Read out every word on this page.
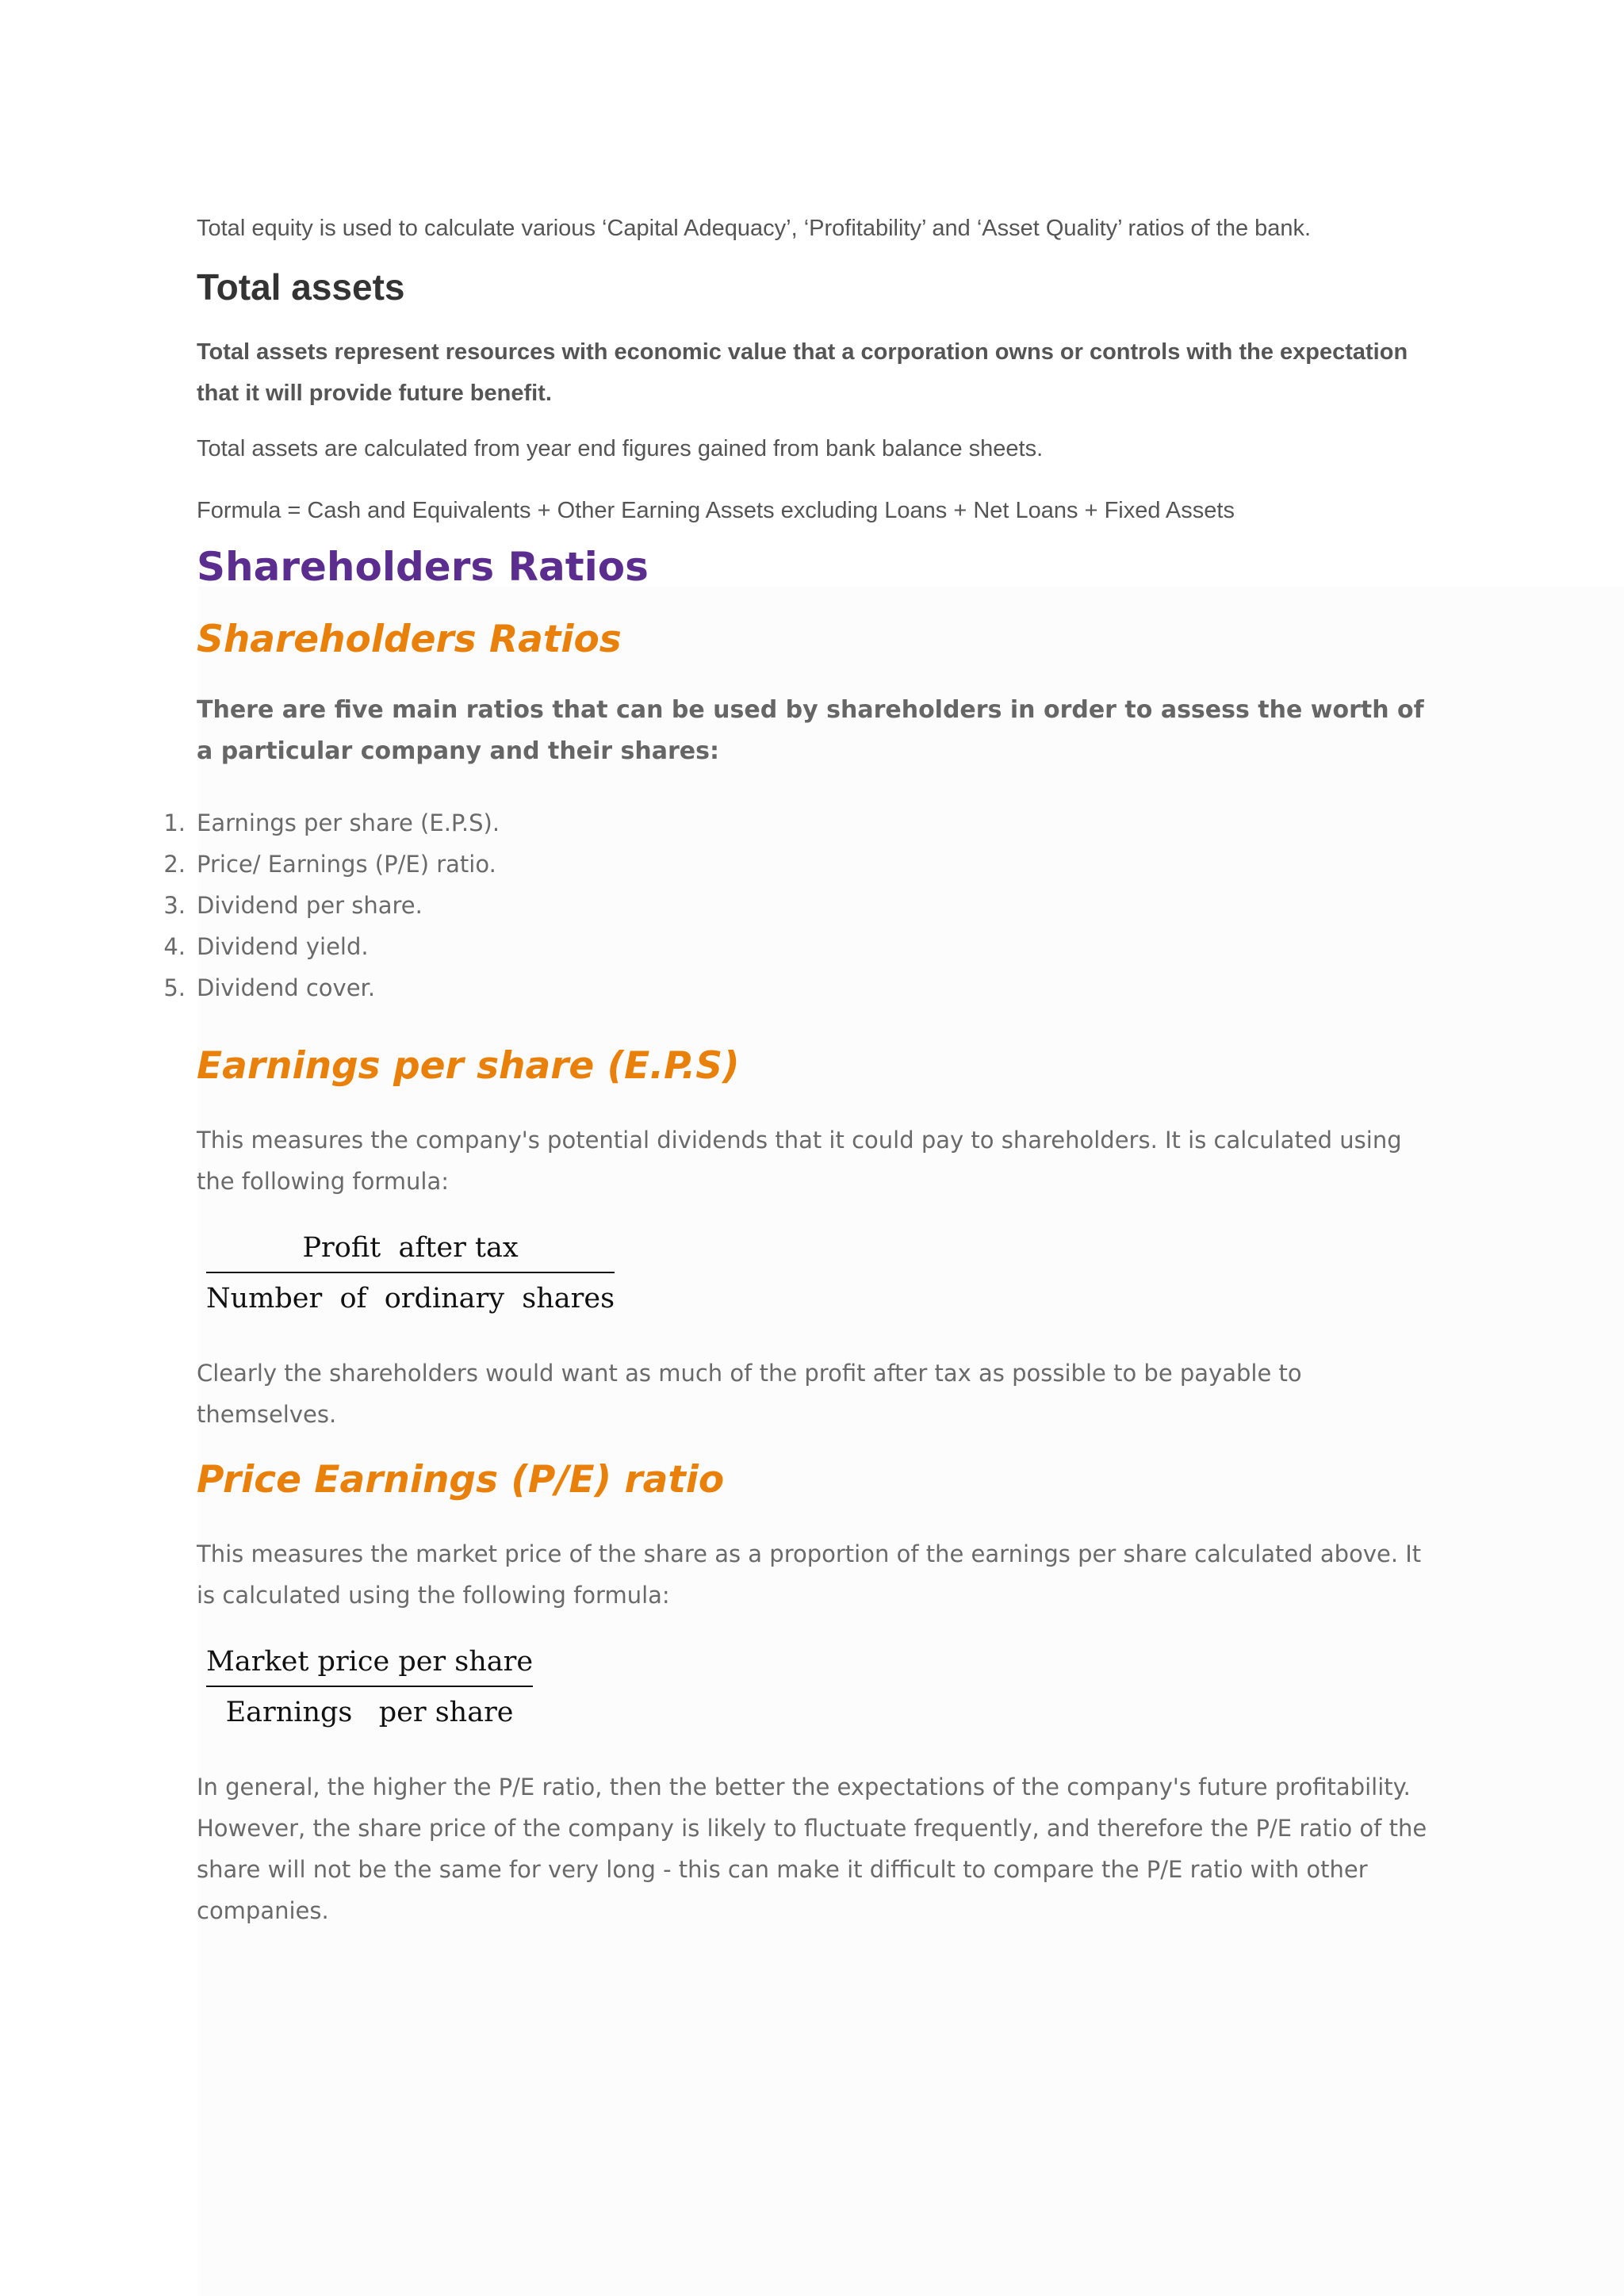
Total equity is used to calculate various ‘Capital Adequacy’, ‘Profitability’ and ‘Asset Quality’ ratios of the bank.

Total assets

Total assets represent resources with economic value that a corporation owns or controls with the expectation that it will provide future benefit.

Total assets are calculated from year end figures gained from bank balance sheets.

Formula = Cash and Equivalents + Other Earning Assets excluding Loans + Net Loans + Fixed Assets

Shareholders Ratios
Shareholders Ratios

There are five main ratios that can be used by shareholders in order to assess the worth of a particular company and their shares:

1. Earnings per share (E.P.S).
2. Price/ Earnings (P/E) ratio.
3. Dividend per share.
4. Dividend yield.
5. Dividend cover.
Earnings per share (E.P.S)

This measures the company's potential dividends that it could pay to shareholders. It is calculated using the following formula:

$\frac{\text{Profit  after tax}}{\text{Number  of  ordinary  shares}}$

Clearly the shareholders would want as much of the profit after tax as possible to be payable to themselves.

Price Earnings (P/E) ratio

This measures the market price of the share as a proportion of the earnings per share calculated above. It is calculated using the following formula:

$\frac{\text{Market price per share}}{\text{Earnings   per share}}$

In general, the higher the P/E ratio, then the better the expectations of the company's future profitability. However, the share price of the company is likely to fluctuate frequently, and therefore the P/E ratio of the share will not be the same for very long - this can make it difficult to compare the P/E ratio with other companies.
